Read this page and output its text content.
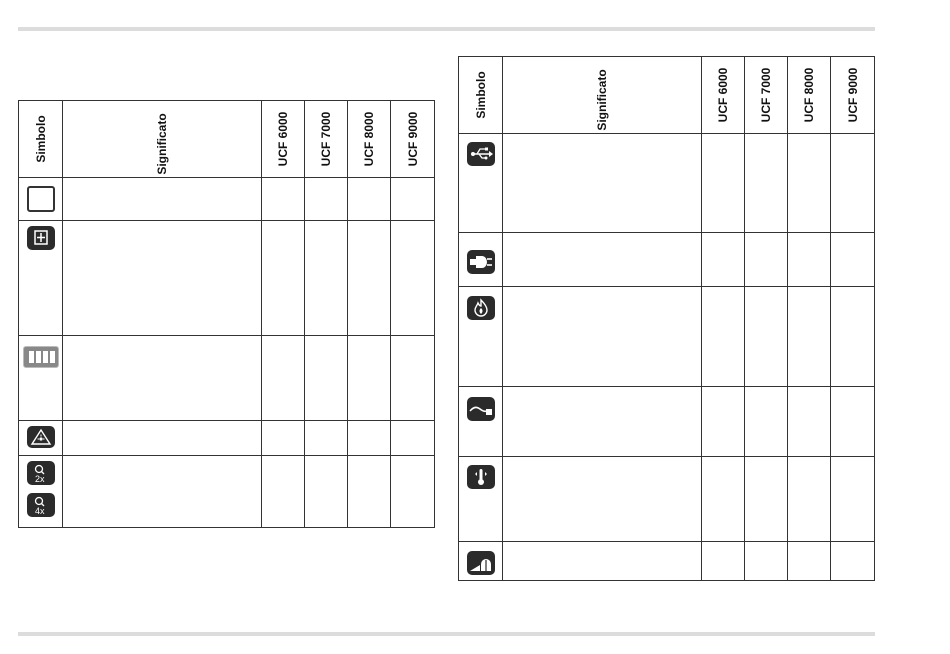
Simbolo	Significato	UCF 6000	UCF 7000	UCF 8000	UCF 9000

2x
4x					

Simbolo	Significato	UCF 6000	UCF 7000	UCF 8000	UCF 9000
